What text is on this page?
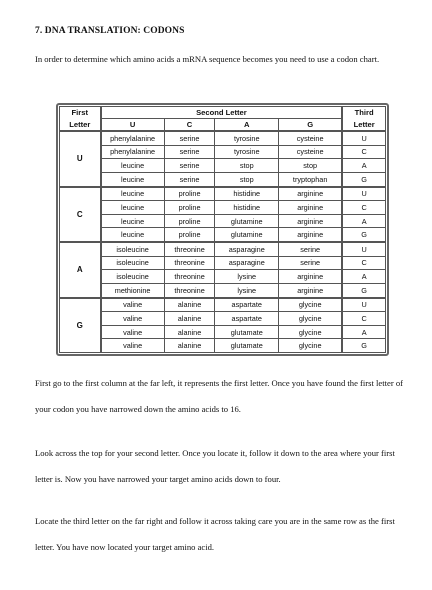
7. DNA TRANSLATION: CODONS
In order to determine which amino acids a mRNA sequence becomes you need to use a codon chart.
First	Second Letter				Third
Letter	U	C	A	G	Letter
U	phenylalanine	serine	tyrosine	cysteine	U
	phenylalanine	serine	tyrosine	cysteine	C
	leucine	serine	stop	stop	A
	leucine	serine	stop	tryptophan	G
C	leucine	proline	histidine	arginine	U
	leucine	proline	histidine	arginine	C
	leucine	proline	glutamine	arginine	A
	leucine	proline	glutamine	arginine	G
A	isoleucine	threonine	asparagine	serine	U
	isoleucine	threonine	asparagine	serine	C
	isoleucine	threonine	lysine	arginine	A
	methionine	threonine	lysine	arginine	G
G	valine	alanine	aspartate	glycine	U
	valine	alanine	aspartate	glycine	C
	valine	alanine	glutamate	glycine	A
	valine	alanine	glutamate	glycine	G
First go to the first column at the far left, it represents the first letter. Once you have found the first letter of your codon you have narrowed down the amino acids to 16.
Look across the top for your second letter. Once you locate it, follow it down to the area where your first letter is. Now you have narrowed your target amino acids down to four.
Locate the third letter on the far right and follow it across taking care you are in the same row as the first letter. You have now located your target amino acid.
